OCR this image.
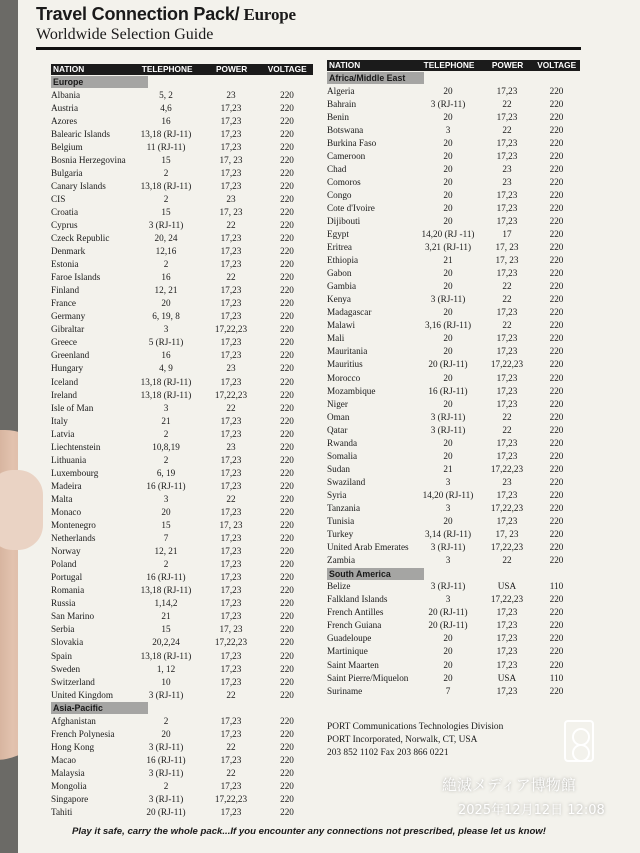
Travel Connection Pack/ Europe
Worldwide Selection Guide
NATION	TELEPHONE	POWER	VOLTAGE
Europe
Albania	5, 2	23	220
Austria	4,6	17,23	220
Azores	16	17,23	220
Balearic Islands	13,18 (RJ-11)	17,23	220
Belgium	11 (RJ-11)	17,23	220
Bosnia Herzegovina	15	17, 23	220
Bulgaria	2	17,23	220
Canary Islands	13,18 (RJ-11)	17,23	220
CIS	2	23	220
Croatia	15	17, 23	220
Cyprus	3 (RJ-11)	22	220
Czeck Republic	20, 24	17,23	220
Denmark	12,16	17,23	220
Estonia	2	17,23	220
Faroe Islands	16	22	220
Finland	12, 21	17,23	220
France	20	17,23	220
Germany	6, 19, 8	17,23	220
Gibraltar	3	17,22,23	220
Greece	5 (RJ-11)	17,23	220
Greenland	16	17,23	220
Hungary	4, 9	23	220
Iceland	13,18 (RJ-11)	17,23	220
Ireland	13,18 (RJ-11)	17,22,23	220
Isle of Man	3	22	220
Italy	21	17,23	220
Latvia	2	17,23	220
Liechtenstein	10,8,19	23	220
Lithuania	2	17,23	220
Luxembourg	6, 19	17,23	220
Madeira	16 (RJ-11)	17,23	220
Malta	3	22	220
Monaco	20	17,23	220
Montenegro	15	17, 23	220
Netherlands	7	17,23	220
Norway	12, 21	17,23	220
Poland	2	17,23	220
Portugal	16 (RJ-11)	17,23	220
Romania	13,18 (RJ-11)	17,23	220
Russia	1,14,2	17,23	220
San Marino	21	17,23	220
Serbia	15	17, 23	220
Slovakia	20,2,24	17,22,23	220
Spain	13,18 (RJ-11)	17,23	220
Sweden	1, 12	17,23	220
Switzerland	10	17,23	220
United Kingdom	3 (RJ-11)	22	220
Asia-Pacific
Afghanistan	2	17,23	220
French Polynesia	20	17,23	220
Hong Kong	3 (RJ-11)	22	220
Macao	16 (RJ-11)	17,23	220
Malaysia	3 (RJ-11)	22	220
Mongolia	2	17,23	220
Singapore	3 (RJ-11)	17,22,23	220
Tahiti	20 (RJ-11)	17,23	220
NATION	TELEPHONE	POWER	VOLTAGE
Africa/Middle East
Algeria	20	17,23	220
Bahrain	3 (RJ-11)	22	220
Benin	20	17,23	220
Botswana	3	22	220
Burkina Faso	20	17,23	220
Cameroon	20	17,23	220
Chad	20	23	220
Comoros	20	23	220
Congo	20	17,23	220
Cote d'Ivoire	20	17,23	220
Dijibouti	20	17,23	220
Egypt	14,20 (RJ -11)	17	220
Eritrea	3,21 (RJ-11)	17, 23	220
Ethiopia	21	17, 23	220
Gabon	20	17,23	220
Gambia	20	22	220
Kenya	3 (RJ-11)	22	220
Madagascar	20	17,23	220
Malawi	3,16 (RJ-11)	22	220
Mali	20	17,23	220
Mauritania	20	17,23	220
Mauritius	20 (RJ-11)	17,22,23	220
Morocco	20	17,23	220
Mozambique	16 (RJ-11)	17,23	220
Niger	20	17,23	220
Oman	3 (RJ-11)	22	220
Qatar	3 (RJ-11)	22	220
Rwanda	20	17,23	220
Somalia	20	17,23	220
Sudan	21	17,22,23	220
Swaziland	3	23	220
Syria	14,20 (RJ-11)	17,23	220
Tanzania	3	17,22,23	220
Tunisia	20	17,23	220
Turkey	3,14 (RJ-11)	17, 23	220
United Arab Emerates	3 (RJ-11)	17,22,23	220
Zambia	3	22	220
South America
Belize	3 (RJ-11)	USA	110
Falkland Islands	3	17,22,23	220
French Antilles	20 (RJ-11)	17,23	220
French Guiana	20 (RJ-11)	17,23	220
Guadeloupe	20	17,23	220
Martinique	20	17,23	220
Saint Maarten	20	17,23	220
Saint Pierre/Miquelon	20	USA	110
Suriname	7	17,23	220
PORT Communications Technologies Division
PORT Incorporated, Norwalk, CT, USA
203 852 1102 Fax 203 866 0221
Play it safe, carry the whole pack...If you encounter any connections not prescribed, please let us know!
絶滅メディア博物館
2025年12月12日 12:08
